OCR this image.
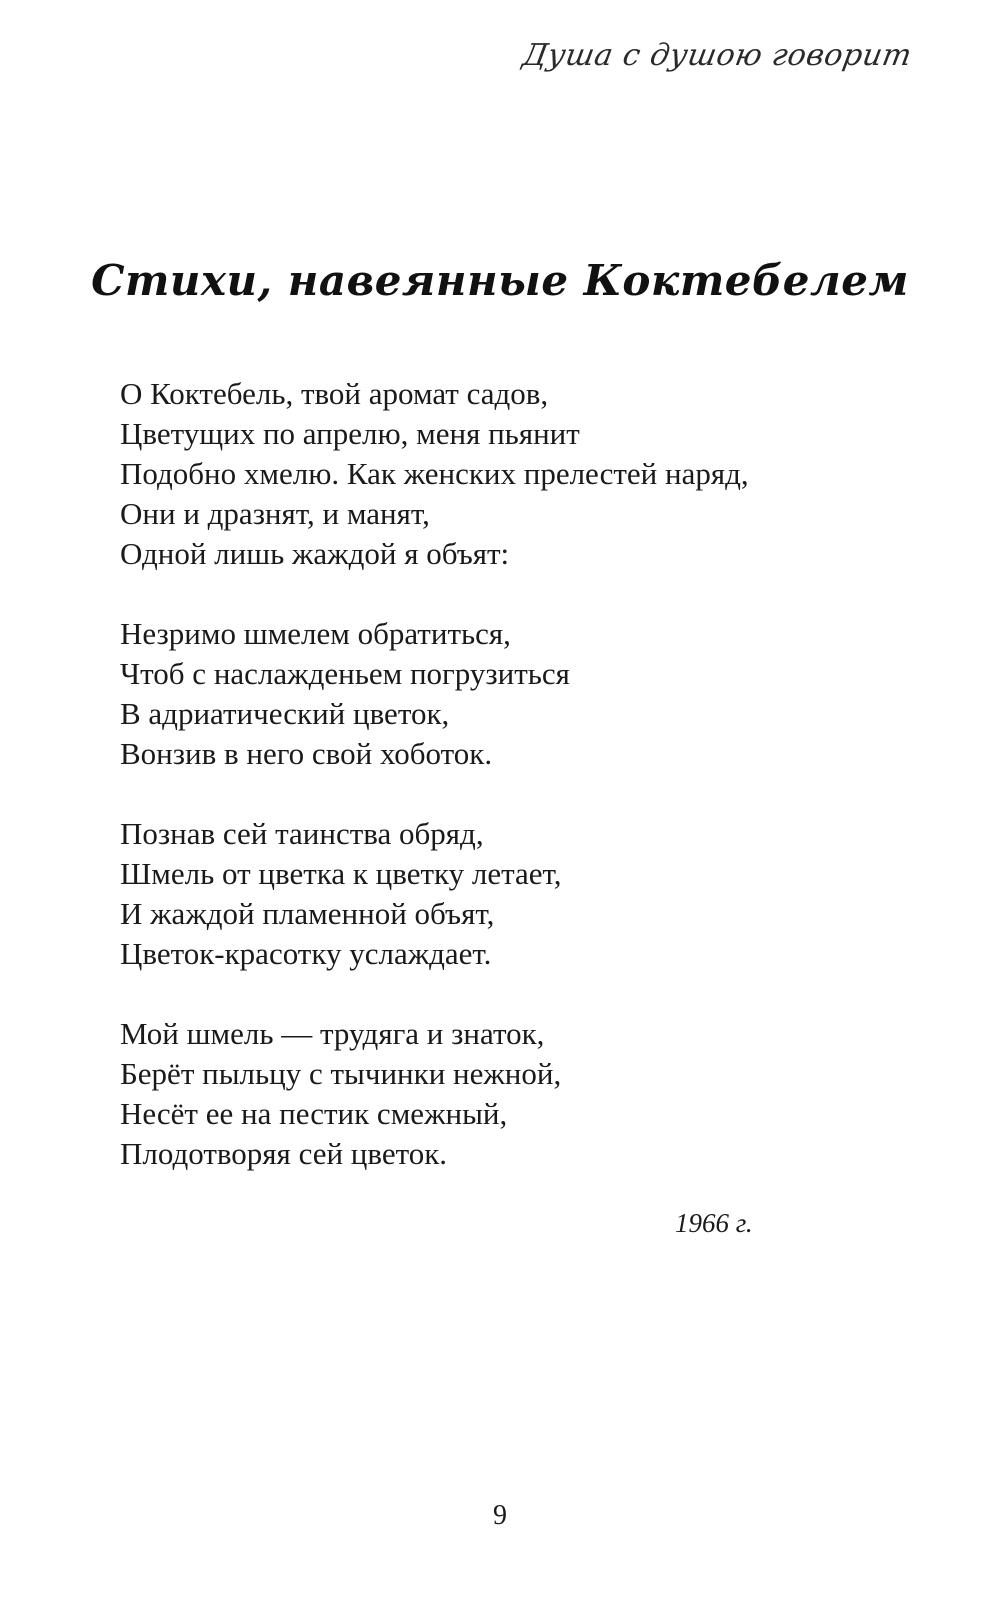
Душа с душою говорит
Стихи, навеянные Коктебелем
О Коктебель, твой аромат садов,
Цветущих по апрелю, меня пьянит
Подобно хмелю. Как женских прелестей наряд,
Они и дразнят, и манят,
Одной лишь жаждой я объят:
Незримо шмелем обратиться,
Чтоб с наслажденьем погрузиться
В адриатический цветок,
Вонзив в него свой хоботок.
Познав сей таинства обряд,
Шмель от цветка к цветку летает,
И жаждой пламенной объят,
Цветок-красотку услаждает.
Мой шмель — трудяга и знаток,
Берёт пыльцу с тычинки нежной,
Несёт ее на пестик смежный,
Плодотворяя сей цветок.
1966 г.
9
